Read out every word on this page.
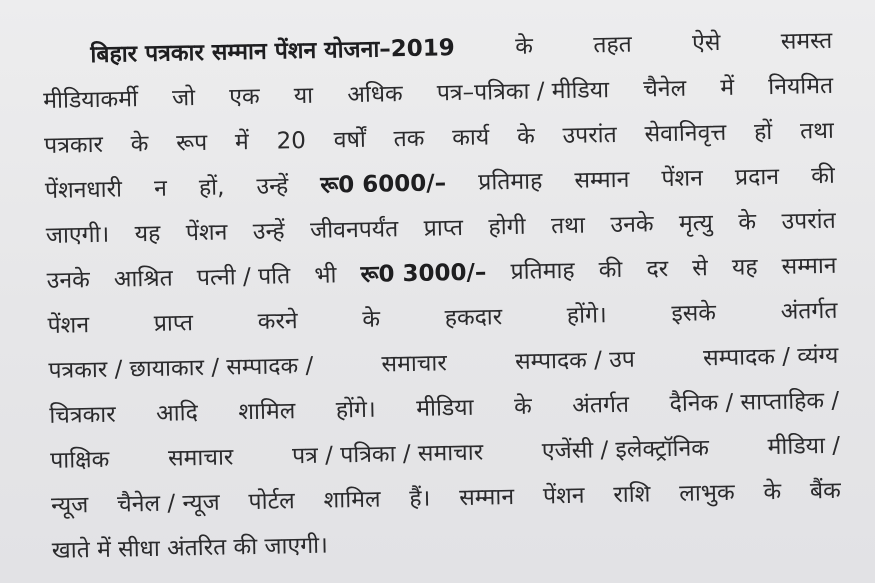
बिहार पत्रकार सम्मान पेंशन योजना–2019	के	तहत	ऐसे	समस्त
मीडियाकर्मी जो एक या अधिक पत्र–पत्रिका / मीडिया चैनेल में नियमित
पत्रकार के रूप में 20 वर्षों तक कार्य के उपरांत सेवानिवृत्त हों तथा
पेंशनधारी न हों, उन्हें रू0 6000/– प्रतिमाह सम्मान पेंशन प्रदान की
जाएगी। यह पेंशन उन्हें जीवनपर्यंत प्राप्त होगी तथा उनके मृत्यु के उपरांत
उनके आश्रित पत्नी / पति भी रू0 3000/– प्रतिमाह की दर से यह सम्मान
पेंशन	प्राप्त	करने	के	हकदार	होंगे।	इसके	अंतर्गत
पत्रकार / छायाकार / सम्पादक /	समाचार	सम्पादक / उप	सम्पादक / व्यंग्य
चित्रकार आदि शामिल होंगे। मीडिया के अंतर्गत दैनिक / साप्ताहिक /
पाक्षिक	समाचार	पत्र / पत्रिका / समाचार	एजेंसी / इलेक्ट्रॉनिक	मीडिया /
न्यूज चैनेल / न्यूज पोर्टल शामिल हैं। सम्मान पेंशन राशि लाभुक के बैंक
खाते में सीधा अंतरित की जाएगी।
